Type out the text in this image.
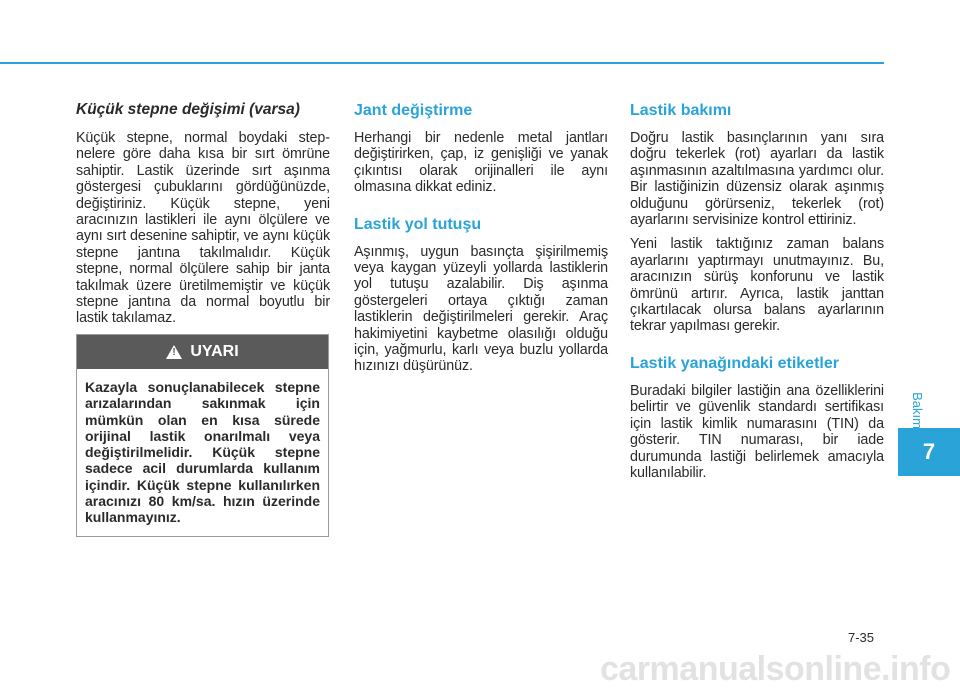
Küçük stepne değişimi (varsa)

Küçük stepne, normal boydaki stepnelere göre daha kısa bir sırt ömrüne sahiptir. Lastik üzerinde sırt aşınma göstergesi çubuklarını gördüğünüzde, değiştiriniz. Küçük stepne, yeni aracınızın lastikleri ile aynı ölçülere ve aynı sırt desenine sahiptir, ve aynı küçük stepne jantına takılmalıdır. Küçük stepne, normal ölçülere sahip bir janta takılmak üzere üretilmemiştir ve küçük stepne jantına da normal boyutlu bir lastik takılamaz.

! UYARI
Kazayla sonuçlanabilecek stepne arızalarından sakınmak için mümkün olan en kısa sürede orijinal lastik onarılmalı veya değiştirilmelidir. Küçük stepne sadece acil durumlarda kullanım içindir. Küçük stepne kullanılırken aracınızı 80 km/sa. hızın üzerinde kullanmayınız.
Jant değiştirme

Herhangi bir nedenle metal jantları değiştirirken, çap, iz genişliği ve yanak çıkıntısı olarak orijinalleri ile aynı olmasına dikkat ediniz.

Lastik yol tutuşu

Aşınmış, uygun basınçta şişirilmemiş veya kaygan yüzeyli yollarda lastiklerin yol tutuşu azalabilir. Diş aşınma göstergeleri ortaya çıktığı zaman lastiklerin değiştirilmeleri gerekir. Araç hakimiyetini kaybetme olasılığı olduğu için, yağmurlu, karlı veya buzlu yollarda hızınızı düşürünüz.

Lastik bakımı

Doğru lastik basınçlarının yanı sıra doğru tekerlek (rot) ayarları da lastik aşınmasının azaltılmasına yardımcı olur. Bir lastiğinizin düzensiz olarak aşınmış olduğunu görürseniz, tekerlek (rot) ayarlarını servisinize kontrol ettiriniz.

Yeni lastik taktığınız zaman balans ayarlarını yaptırmayı unutmayınız. Bu, aracınızın sürüş konforunu ve lastik ömrünü artırır. Ayrıca, lastik janttan çıkartılacak olursa balans ayarlarının tekrar yapılması gerekir.

Lastik yanağındaki etiketler

Buradaki bilgiler lastiğin ana özelliklerini belirtir ve güvenlik standardı sertifikası için lastik kimlik numarasını (TIN) da gösterir. TIN numarası, bir iade durumunda lastiği belirlemek amacıyla kullanılabilir.

Bakım
7
7-35
carmanualsonline.info
